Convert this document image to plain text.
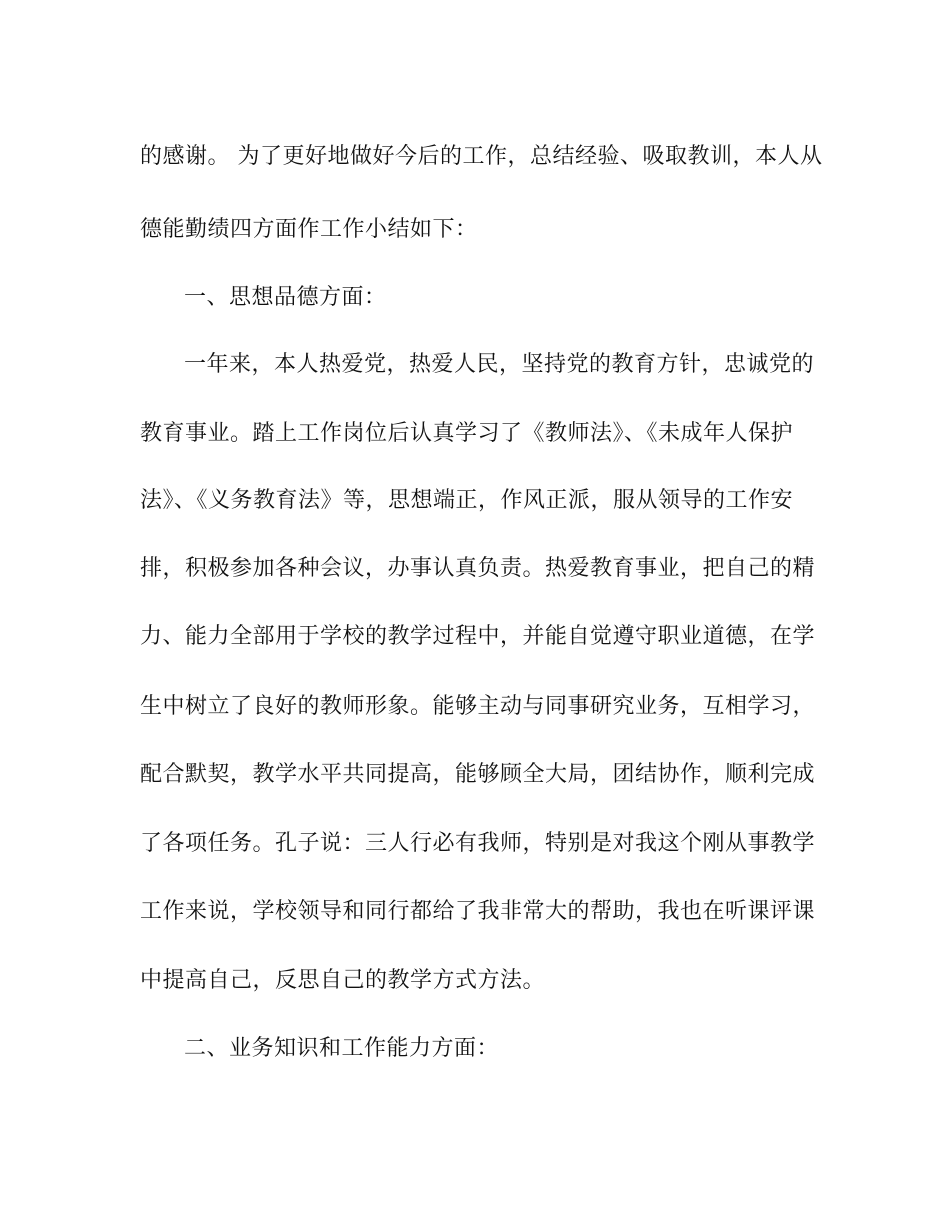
的感谢。 为了更好地做好今后的工作，总结经验、吸取教训，本人从
德能勤绩四方面作工作小结如下：
一、思想品德方面：
一年来，本人热爱党，热爱人民，坚持党的教育方针，忠诚党的
教育事业。踏上工作岗位后认真学习了《教师法》、《未成年人保护
法》、《义务教育法》等，思想端正，作风正派，服从领导的工作安
排，积极参加各种会议，办事认真负责。热爱教育事业，把自己的精
力、能力全部用于学校的教学过程中，并能自觉遵守职业道德，在学
生中树立了良好的教师形象。能够主动与同事研究业务，互相学习，
配合默契，教学水平共同提高，能够顾全大局，团结协作，顺利完成
了各项任务。孔子说：三人行必有我师，特别是对我这个刚从事教学
工作来说，学校领导和同行都给了我非常大的帮助，我也在听课评课
中提高自己，反思自己的教学方式方法。
二、业务知识和工作能力方面：
